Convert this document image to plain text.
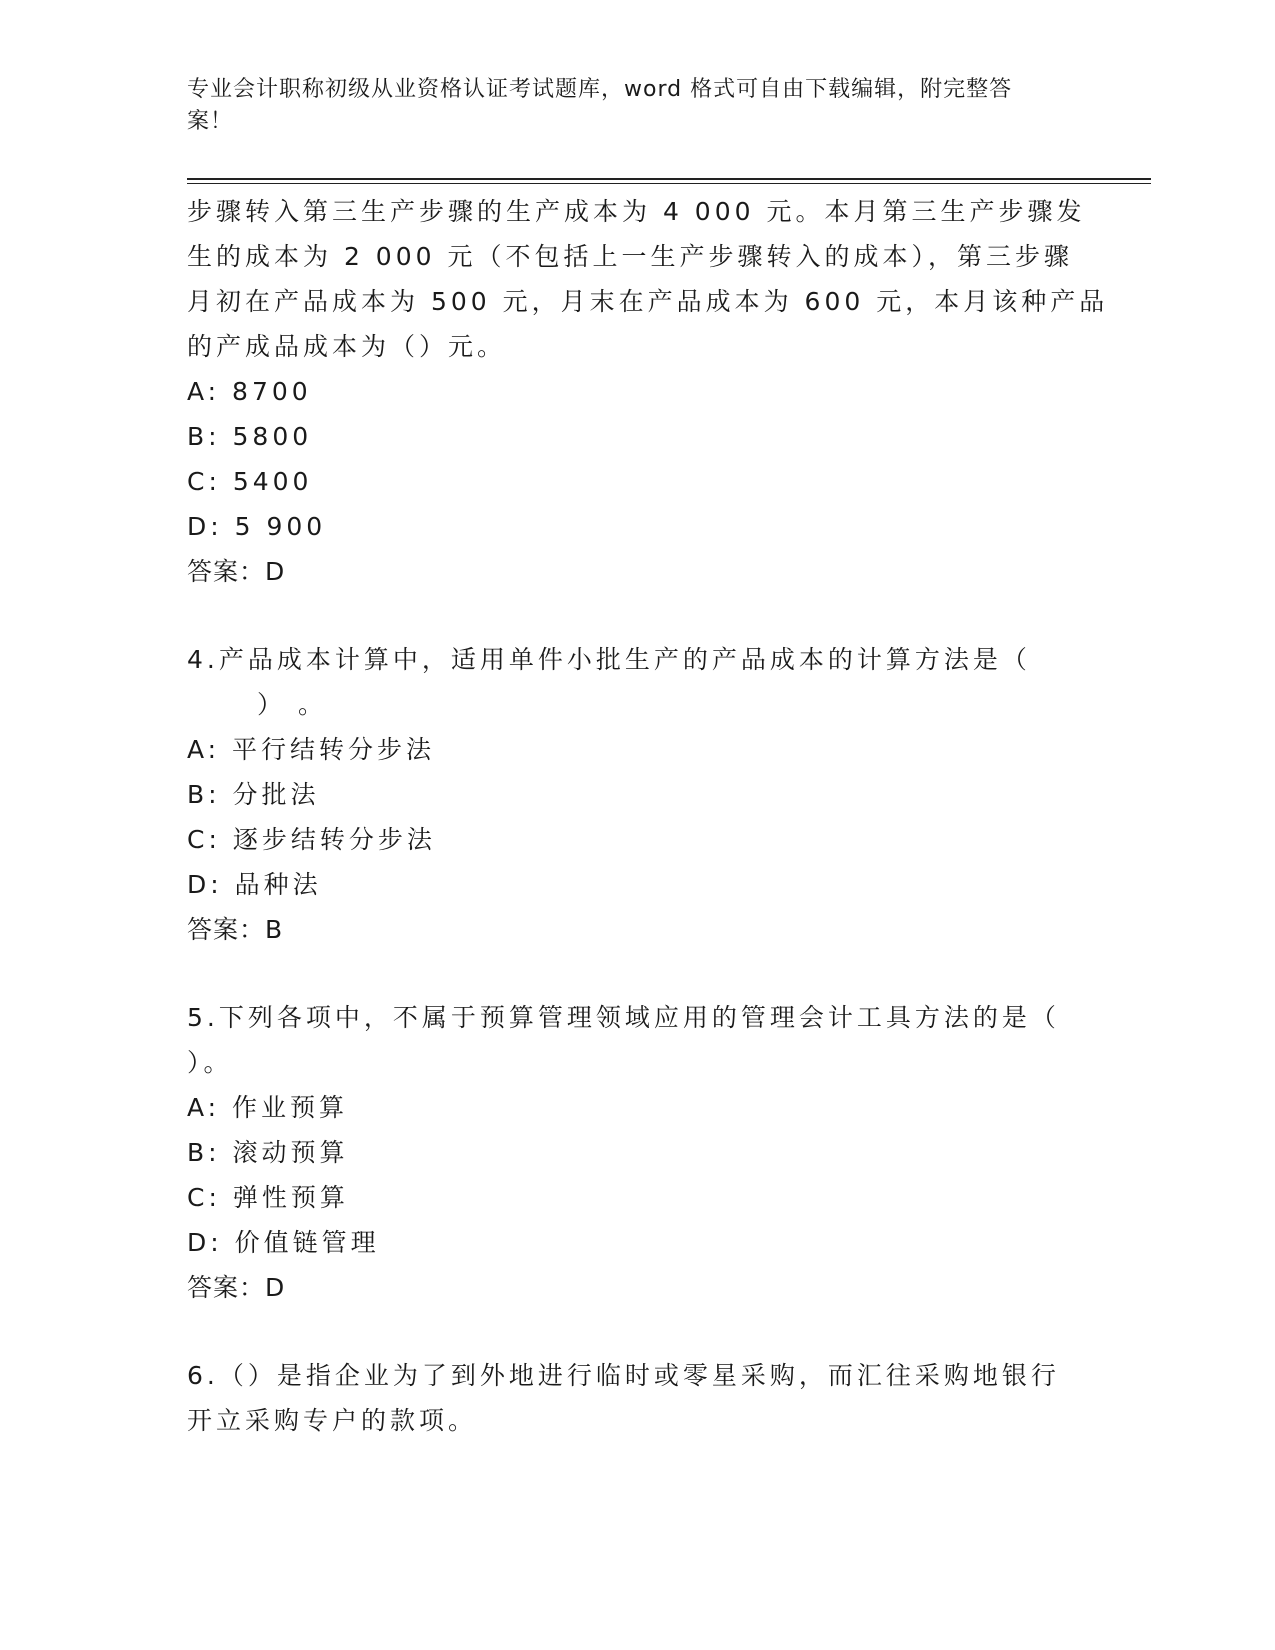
专业会计职称初级从业资格认证考试题库，word 格式可自由下载编辑，附完整答
案！
步骤转入第三生产步骤的生产成本为 4 000 元。本月第三生产步骤发
生的成本为 2 000 元（不包括上一生产步骤转入的成本），第三步骤
月初在产品成本为 500 元，月末在产品成本为 600 元，本月该种产品
的产成品成本为（）元。
A: 8700
B: 5800
C: 5400
D: 5 900
答案：D
4.产品成本计算中，适用单件小批生产的产品成本的计算方法是（
） 。
A: 平行结转分步法
B: 分批法
C: 逐步结转分步法
D: 品种法
答案：B
5.下列各项中，不属于预算管理领域应用的管理会计工具方法的是（
）。
A: 作业预算
B: 滚动预算
C: 弹性预算
D: 价值链管理
答案：D
6.（）是指企业为了到外地进行临时或零星采购，而汇往采购地银行
开立采购专户的款项。
